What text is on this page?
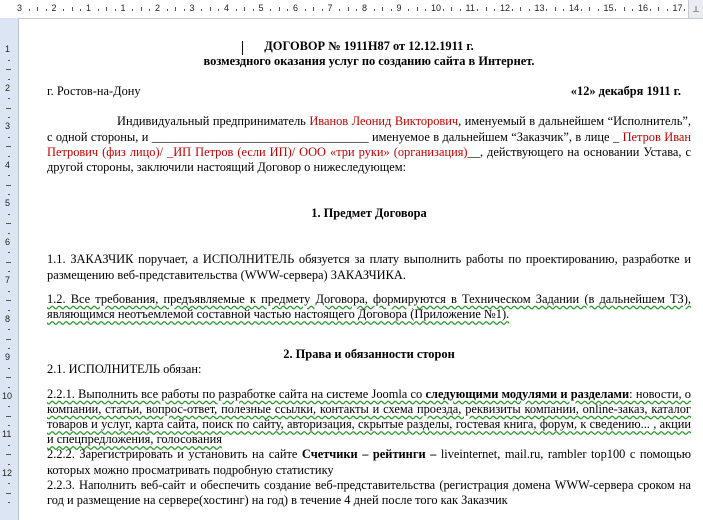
⟂
3	2	1	1	2	3	4	5	6	7	8	9	10	11	12	13	14	15	16	17
1
2
3
4
5
6
7
8
9
10
11
12
ДОГОВОР № 1911Н87 от 12.12.1911 г.
возмездного оказания услуг по созданию сайта в Интернет.
г. Ростов-на-Дону	«12» декабря 1911 г.

Индивидуальный предприниматель Иванов Леонид Викторович, именуемый в дальнейшем “Исполнитель”, с одной стороны, и ___________________________________ именуемое в дальнейшем “Заказчик”, в лице _ Петров Иван Петрович (физ лицо)/ _ИП Петров (если ИП)/ ООО «три руки» (организация)__, действующего на основании Устава, с другой стороны, заключили настоящий Договор о нижеследующем:

1. Предмет Договора

1.1. ЗАКАЗЧИК поручает, а ИСПОЛНИТЕЛЬ обязуется за плату выполнить работы по проектированию, разработке и размещению веб-представительства (WWW-сервера) ЗАКАЗЧИКА.

1.2. Все требования, предъявляемые к предмету Договора, формируются в Техническом Задании (в дальнейшем ТЗ), являющимся неотъемлемой составной частью настоящего Договора (Приложение №1).

2. Права и обязанности сторон

2.1. ИСПОЛНИТЕЛЬ обязан:

2.2.1. Выполнить все работы по разработке сайта на системе Joomla со следующими модулями и разделами: новости, о компании, статьи, вопрос-ответ, полезные ссылки, контакты и схема проезда, реквизиты компании, online-заказ, каталог товаров и услуг, карта сайта, поиск по сайту, авторизация, скрытые разделы, гостевая книга, форум, к сведению... , акции и спецпредложения, голосования

2.2.2. Зарегистрировать и установить на сайте Счетчики – рейтинги – liveinternet, mail.ru, rambler top100 с помощью которых можно просматривать подробную статистику

2.2.3. Наполнить веб-сайт и обеспечить создание веб-представительства (регистрация домена WWW-сервера сроком на год и размещение на сервере(хостинг) на год) в течение 4 дней после того как Заказчик
